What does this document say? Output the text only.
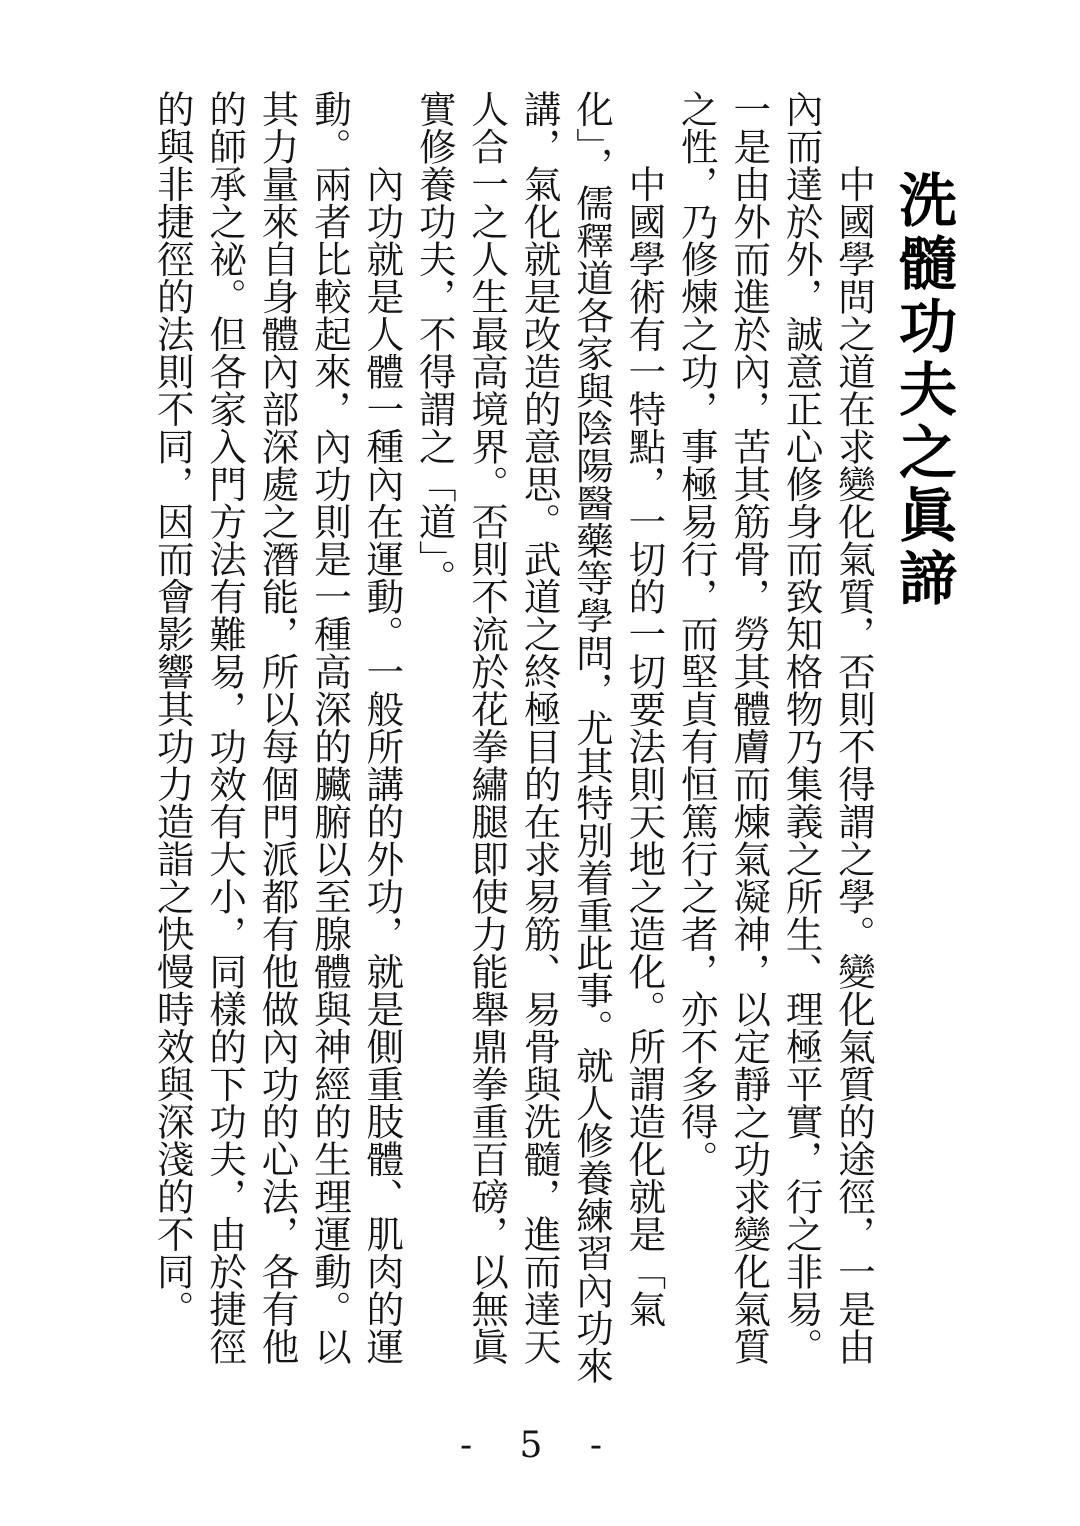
洗髓功夫之眞諦

中國學問之道在求變化氣質，否則不得謂之學。變化氣質的途徑，一是由內而達於外，誠意正心修身而致知格物乃集義之所生、理極平實，行之非易。一是由外而進於內，苦其筋骨，勞其體膚而煉氣凝神，以定靜之功求變化氣質之性，乃修煉之功，事極易行，而堅貞有恒篤行之者，亦不多得。

中國學術有一特點，一切的一切要法則天地之造化。所謂造化就是「氣化」，儒釋道各家與陰陽醫藥等學問，尤其特別着重此事。就人修養練習內功來講，氣化就是改造的意思。武道之終極目的在求易筋、易骨與洗髓，進而達天人合一之人生最高境界。否則不流於花拳繡腿即使力能舉鼎拳重百磅，以無眞實修養功夫，不得謂之「道」。

內功就是人體一種內在運動。一般所講的外功，就是側重肢體、肌肉的運動。兩者比較起來，內功則是一種高深的臟腑以至腺體與神經的生理運動。以其力量來自身體內部深處之潛能，所以每個門派都有他做內功的心法，各有他的師承之祕。但各家入門方法有難易，功效有大小，同樣的下功夫，由於捷徑的與非捷徑的法則不同，因而會影響其功力造詣之快慢時效與深淺的不同。

- 5 -
